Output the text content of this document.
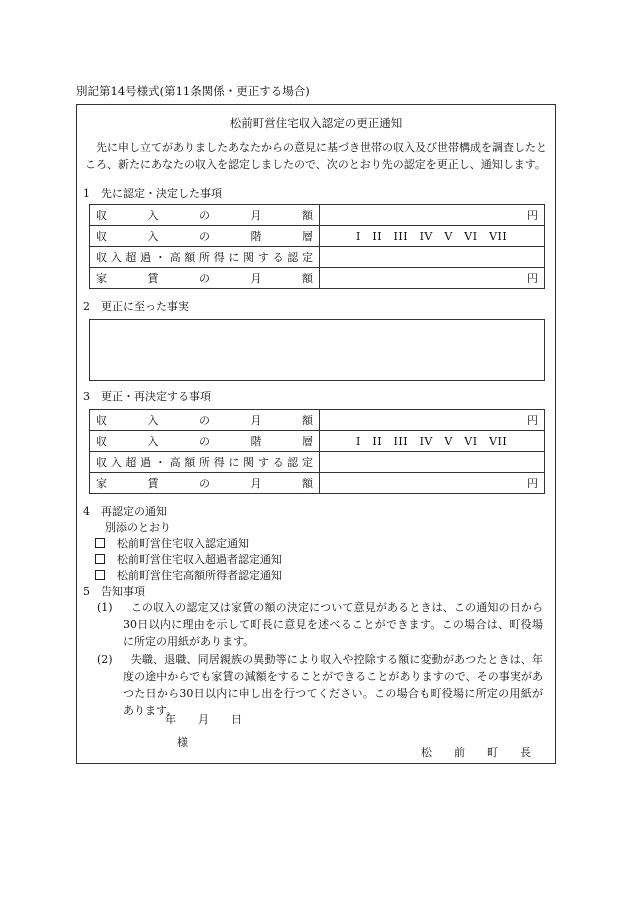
別記第14号様式(第11条関係・更正する場合)
松前町営住宅収入認定の更正通知
先に申し立てがありましたあなたからの意見に基づき世帯の収入及び世帯構成を調査したところ、新たにあなたの収入を認定しましたので、次のとおり先の認定を更正し、通知します。
1　先に認定・決定した事項
収入の月額	円
収入の階層	I　II　III　IV　V　VI　VII
収入超過・高額所得に関する認定	
家賃の月額	円
2　更正に至った事実
3　更正・再決定する事項
収入の月額	円
収入の階層	I　II　III　IV　V　VI　VII
収入超過・高額所得に関する認定	
家賃の月額	円
4　再認定の通知
別添のとおり
松前町営住宅収入認定通知
松前町営住宅収入超過者認定通知
松前町営住宅高額所得者認定通知
5　告知事項
(1)	この収入の認定又は家賃の額の決定について意見があるときは、この通知の日から30日以内に理由を示して町長に意見を述べることができます。この場合は、町役場に所定の用紙があります。
(2)	失職、退職、同居親族の異動等により収入や控除する額に変動があつたときは、年度の途中からでも家賃の減額をすることができることがありますので、その事実があつた日から30日以内に申し出を行つてください。この場合も町役場に所定の用紙があります。
年　　月　　日
様
松　　前　　町　　長
